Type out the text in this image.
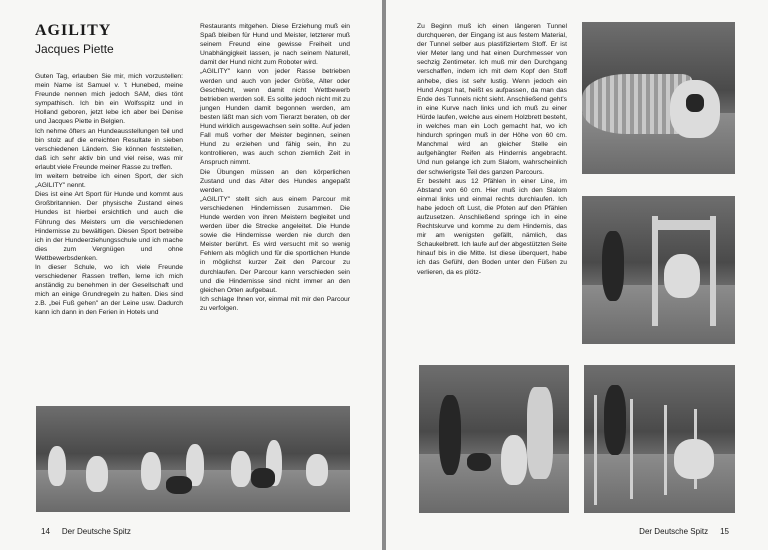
AGILITY
Jacques Piette

Guten Tag, erlauben Sie mir, mich vorzustellen: mein Name ist Samuel v. 't Hunebed, meine Freunde nennen mich jedoch SAM, dies tönt sympathisch. Ich bin ein Wolfsspitz und in Holland geboren, jetzt lebe ich aber bei Denise und Jacques Piette in Belgien.

Ich nehme öfters an Hundeausstellungen teil und bin stolz auf die erreichten Resultate in sieben verschiedenen Ländern. Sie können feststellen, daß ich sehr aktiv bin und viel reise, was mir erlaubt viele Freunde meiner Rasse zu treffen.

Im weitern betreibe ich einen Sport, der sich „AGILITY" nennt.

Dies ist eine Art Sport für Hunde und kommt aus Großbritannien. Der physische Zustand eines Hundes ist hierbei ersichtlich und auch die Führung des Meisters um die verschiedenen Hindernisse zu bewältigen. Diesen Sport betreibe ich in der Hundeerziehungsschule und ich mache dies zum Vergnügen und ohne Wettbewerbsdenken.

In dieser Schule, wo ich viele Freunde verschiedener Rassen treffen, lerne ich mich anständig zu benehmen in der Gesellschaft und mich an einige Grundregeln zu halten. Dies sind z.B. „bei Fuß gehen" an der Leine usw. Dadurch kann ich dann in den Ferien in Hotels und

Restaurants mitgehen. Diese Erziehung muß ein Spaß bleiben für Hund und Meister, letzterer muß seinem Freund eine gewisse Freiheit und Unabhängigkeit lassen, je nach seinem Naturell, damit der Hund nicht zum Roboter wird.

„AGILITY" kann von jeder Rasse betrieben werden und auch von jeder Größe, Alter oder Geschlecht, wenn damit nicht Wettbewerb betrieben werden soll. Es sollte jedoch nicht mit zu jungen Hunden damit begonnen werden, am besten läßt man sich vom Tierarzt beraten, ob der Hund wirklich ausgewachsen sein sollte. Auf jeden Fall muß vorher der Meister beginnen, seinen Hund zu erziehen und fähig sein, ihn zu kontrollieren, was auch schon ziemlich Zeit in Anspruch nimmt.

Die Übungen müssen an den körperlichen Zustand und das Alter des Hundes angepaßt werden.

„AGILITY" stellt sich aus einem Parcour mit verschiedenen Hindernissen zusammen. Die Hunde werden von ihren Meistern begleitet und werden über die Strecke angeleitet. Die Hunde sowie die Hindernisse werden nie durch den Meister berührt. Es wird versucht mit so wenig Fehlern als möglich und für die sportlichen Hunde in möglichst kurzer Zeit den Parcour zu durchlaufen. Der Parcour kann verschieden sein und die Hindernisse sind nicht immer an den gleichen Orten aufgebaut.

Ich schlage Ihnen vor, einmal mit mir den Parcour zu verfolgen.

14 Der Deutsche Spitz

Zu Beginn muß ich einen längeren Tunnel durchqueren, der Eingang ist aus festem Material, der Tunnel selber aus plastifiziertem Stoff. Er ist vier Meter lang und hat einen Durchmesser von sechzig Zentimeter. Ich muß mir den Durchgang verschaffen, indem ich mit dem Kopf den Stoff anhebe, dies ist sehr lustig. Wenn jedoch ein Hund Angst hat, heißt es aufpassen, da man das Ende des Tunnels nicht sieht. Anschließend geht's in eine Kurve nach links und ich muß zu einer Hürde laufen, welche aus einem Holzbrett besteht, in welches man ein Loch gemacht hat, wo ich hindurch springen muß in der Höhe von 60 cm. Manchmal wird an gleicher Stelle ein aufgehängter Reifen als Hindernis angebracht. Und nun gelange ich zum Slalom, wahrscheinlich der schwierigste Teil des ganzen Parcours.

Er besteht aus 12 Pfählen in einer Line, im Abstand von 60 cm. Hier muß ich den Slalom einmal links und einmal rechts durchlaufen. Ich habe jedoch oft Lust, die Pfoten auf den Pfählen aufzusetzen. Anschließend springe ich in eine Rechtskurve und komme zu dem Hindernis, das mir am wenigsten gefällt, nämlich, das Schaukelbrett. Ich laufe auf der abgestützten Seite hinauf bis in die Mitte. Ist diese überquert, habe ich das Gefühl, den Boden unter den Füßen zu verlieren, da es plötz-

Der Deutsche Spitz 15
